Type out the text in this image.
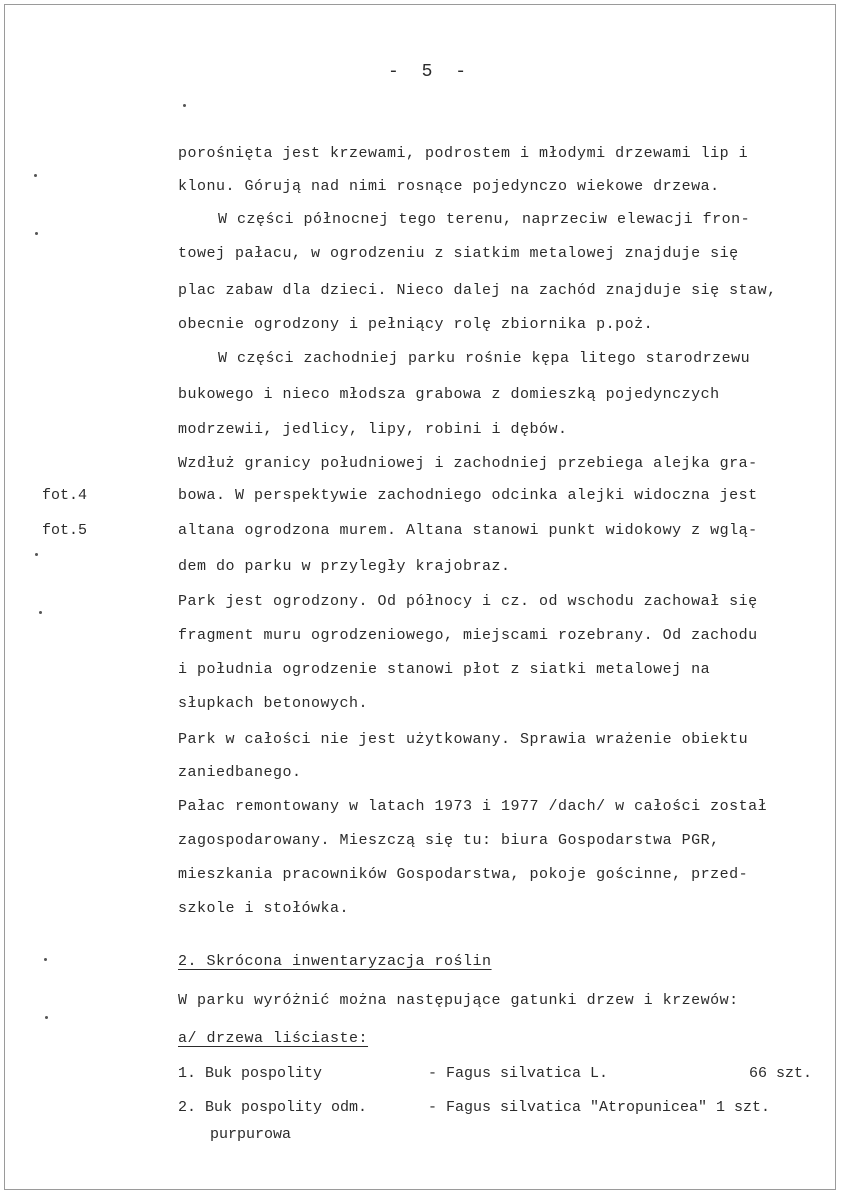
- 5 -
fot.4
fot.5
porośnięta jest krzewami, podrostem i młodymi drzewami lip i
klonu. Górują nad nimi rosnące pojedynczo wiekowe drzewa.
W części północnej tego terenu, naprzeciw elewacji fron-
towej pałacu, w ogrodzeniu z siatkim metalowej znajduje się
plac zabaw dla dzieci. Nieco dalej na zachód znajduje się staw,
obecnie ogrodzony i pełniący rolę zbiornika p.poż.
W części zachodniej parku rośnie kępa litego starodrzewu
bukowego i nieco młodsza grabowa z domieszką pojedynczych
modrzewii, jedlicy, lipy, robini i dębów.
Wzdłuż granicy południowej i zachodniej przebiega alejka gra-
bowa. W perspektywie zachodniego odcinka alejki widoczna jest
altana ogrodzona murem. Altana stanowi punkt widokowy z wglą-
dem do parku w przyległy krajobraz.
Park jest ogrodzony. Od północy i cz. od wschodu zachował się
fragment muru ogrodzeniowego, miejscami rozebrany. Od zachodu
i południa ogrodzenie stanowi płot z siatki metalowej na
słupkach betonowych.
Park w całości nie jest użytkowany. Sprawia wrażenie obiektu
zaniedbanego.
Pałac remontowany w latach 1973 i 1977 /dach/ w całości został
zagospodarowany. Mieszczą się tu: biura Gospodarstwa PGR,
mieszkania pracowników Gospodarstwa, pokoje gościnne, przed-
szkole i stołówka.
2. Skrócona inwentaryzacja roślin
W parku wyróżnić można następujące gatunki drzew i krzewów:
a/ drzewa liściaste:
1. Buk pospolity	- Fagus silvatica L.	66 szt.
2. Buk pospolity odm.	- Fagus silvatica "Atropunicea" 1 szt.
purpurowa
